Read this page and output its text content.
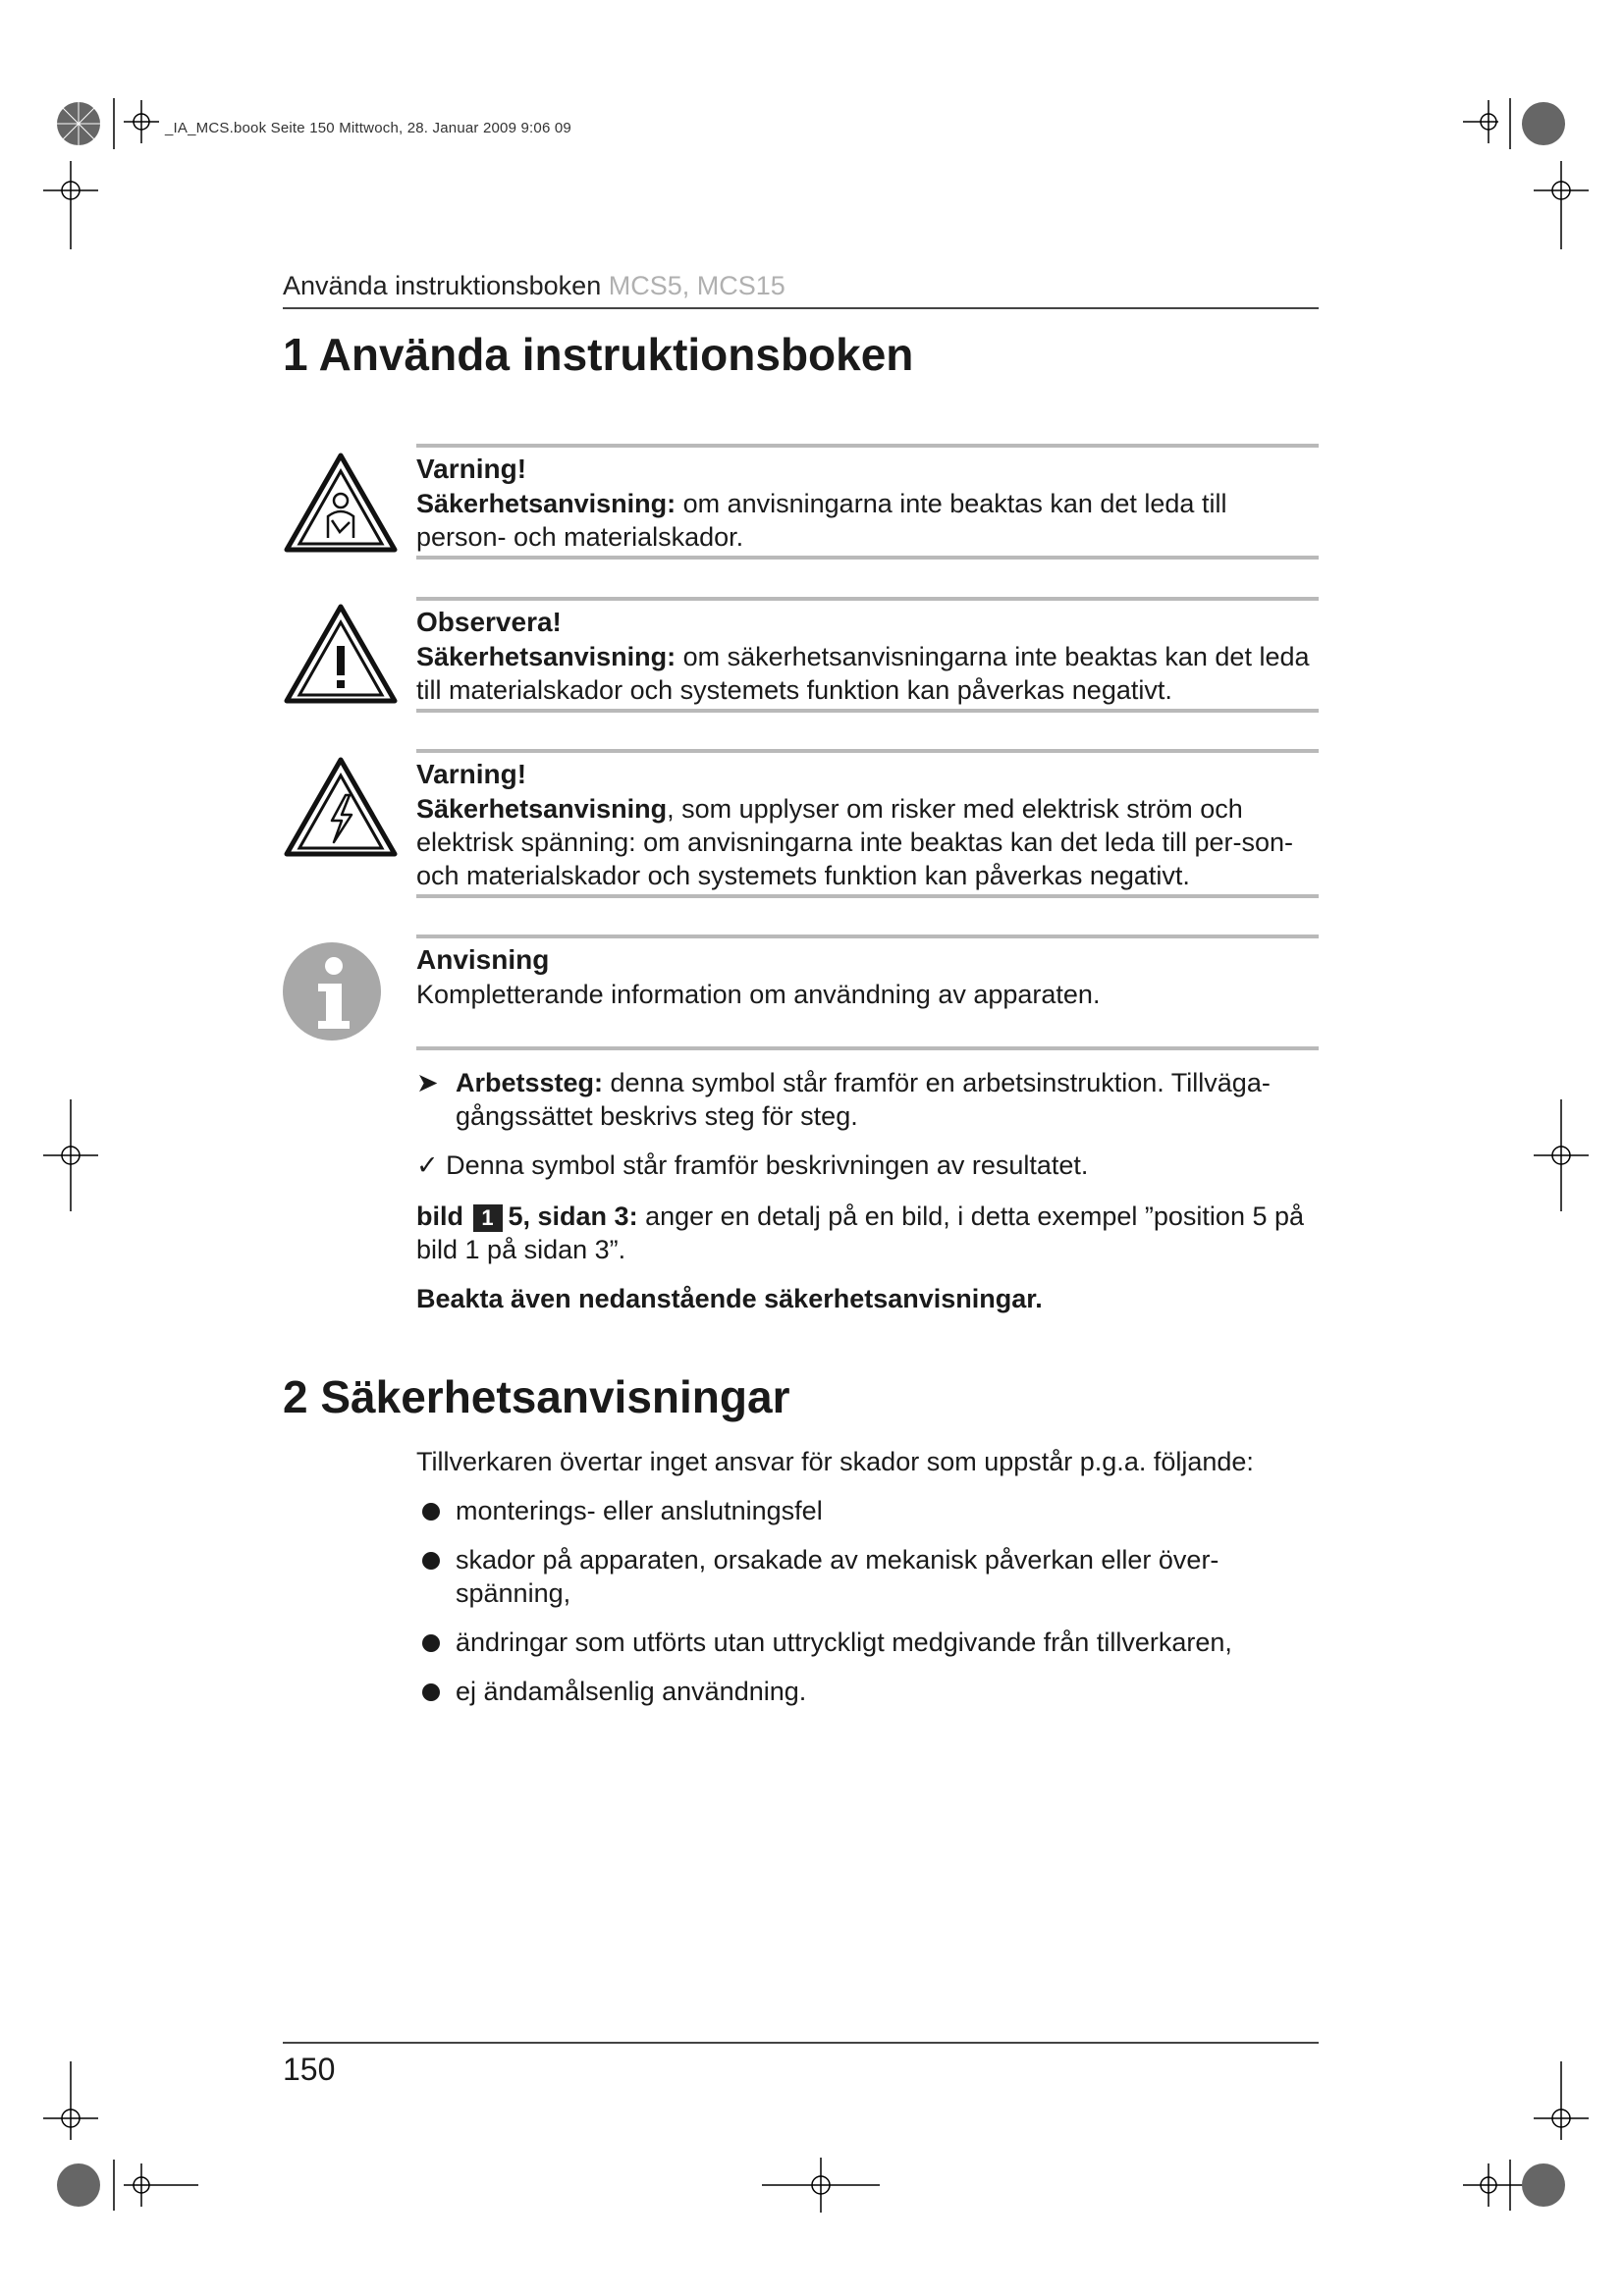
_IA_MCS.book Seite 150 Mittwoch, 28. Januar 2009 9:06 09
Använda instruktionsboken MCS5, MCS15
1 Använda instruktionsboken
Varning!
Säkerhetsanvisning: om anvisningarna inte beaktas kan det leda till person- och materialskador.
Observera!
Säkerhetsanvisning: om säkerhetsanvisningarna inte beaktas kan det leda till materialskador och systemets funktion kan påverkas negativt.
Varning!
Säkerhetsanvisning, som upplyser om risker med elektrisk ström och elektrisk spänning: om anvisningarna inte beaktas kan det leda till per-son- och materialskador och systemets funktion kan påverkas negativt.
Anvisning
Kompletterande information om användning av apparaten.
➤ Arbetssteg: denna symbol står framför en arbetsinstruktion. Tillväga-gångssättet beskrivs steg för steg.
✓ Denna symbol står framför beskrivningen av resultatet.
bild 1 5, sidan 3: anger en detalj på en bild, i detta exempel ”position 5 på bild 1 på sidan 3”.
Beakta även nedanstående säkerhetsanvisningar.
2 Säkerhetsanvisningar
Tillverkaren övertar inget ansvar för skador som uppstår p.g.a. följande:
monterings- eller anslutningsfel
skador på apparaten, orsakade av mekanisk påverkan eller över-spänning,
ändringar som utförts utan uttryckligt medgivande från tillverkaren,
ej ändamålsenlig användning.
150
